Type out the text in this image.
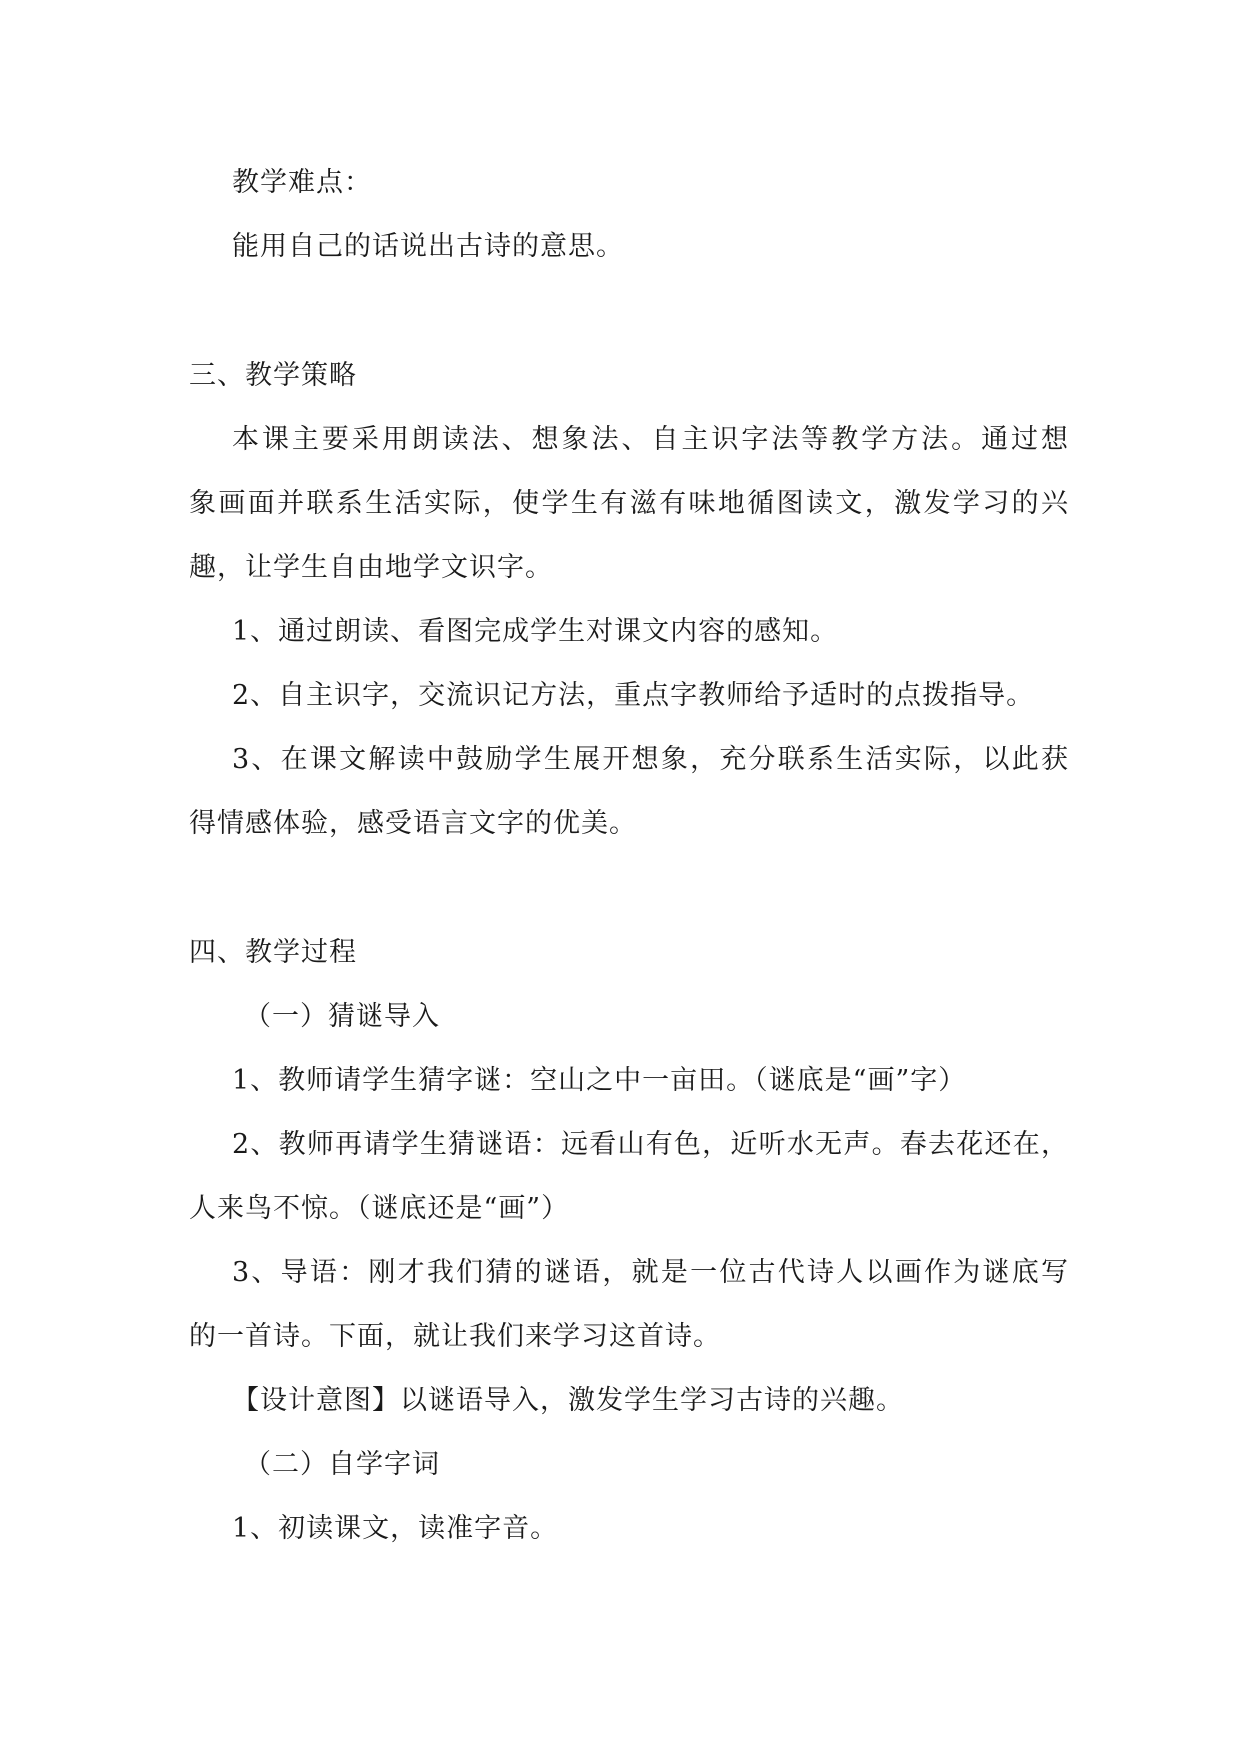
教学难点：
能用自己的话说出古诗的意思。
三、教学策略
本课主要采用朗读法、想象法、自主识字法等教学方法。通过想
象画面并联系生活实际，使学生有滋有味地循图读文，激发学习的兴
趣，让学生自由地学文识字。
1、通过朗读、看图完成学生对课文内容的感知。
2、自主识字，交流识记方法，重点字教师给予适时的点拨指导。
3、在课文解读中鼓励学生展开想象，充分联系生活实际，以此获
得情感体验，感受语言文字的优美。
四、教学过程
（一）猜谜导入
1、教师请学生猜字谜：空山之中一亩田。（谜底是“画”字）
2、教师再请学生猜谜语：远看山有色，近听水无声。春去花还在，
人来鸟不惊。（谜底还是“画”）
3、导语：刚才我们猜的谜语，就是一位古代诗人以画作为谜底写
的一首诗。下面，就让我们来学习这首诗。
【设计意图】以谜语导入，激发学生学习古诗的兴趣。
（二）自学字词
1、初读课文，读准字音。
